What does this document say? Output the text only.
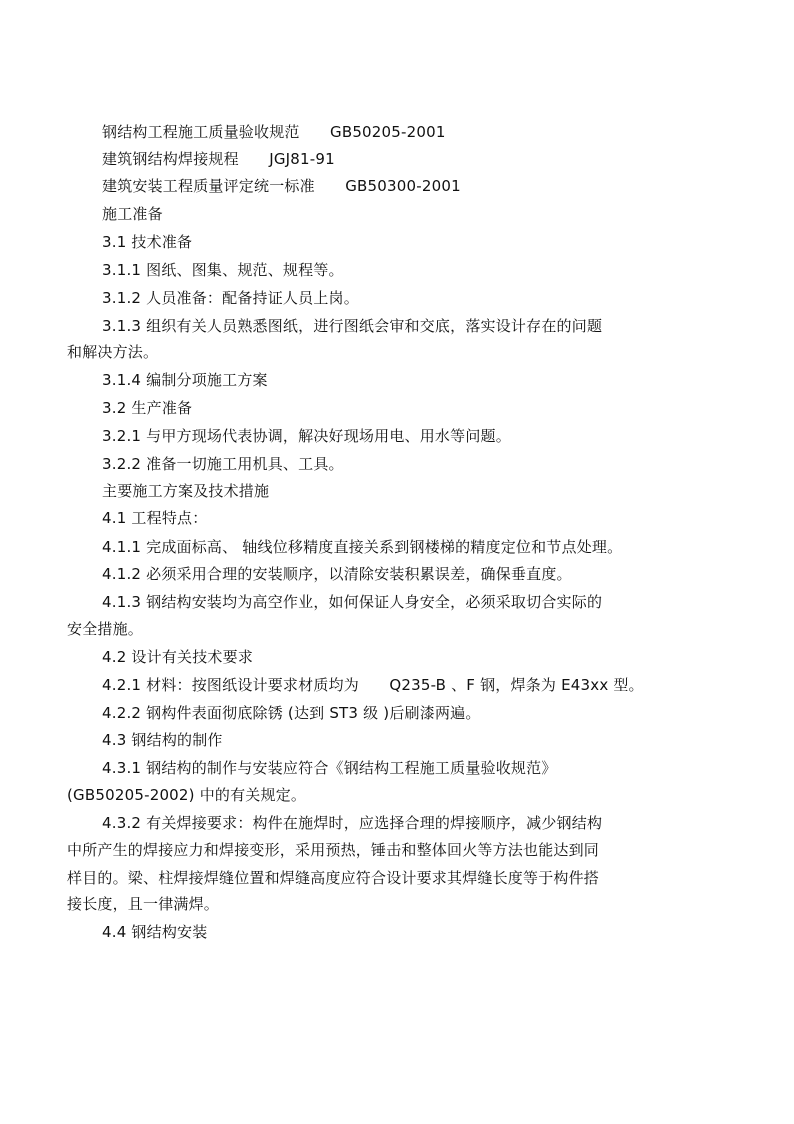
钢结构工程施工质量验收规范　　GB50205-2001

建筑钢结构焊接规程　　JGJ81-91

建筑安装工程质量评定统一标准　　GB50300-2001

施工准备

3.1 技术准备

3.1.1 图纸、图集、规范、规程等。

3.1.2 人员准备：配备持证人员上岗。

3.1.3 组织有关人员熟悉图纸，进行图纸会审和交底，落实设计存在的问题

和解决方法。

3.1.4 编制分项施工方案

3.2 生产准备

3.2.1 与甲方现场代表协调，解决好现场用电、用水等问题。

3.2.2 准备一切施工用机具、工具。

主要施工方案及技术措施

4.1 工程特点：

4.1.1 完成面标高、 轴线位移精度直接关系到钢楼梯的精度定位和节点处理。

4.1.2 必须采用合理的安装顺序，以清除安装积累误差，确保垂直度。

4.1.3 钢结构安装均为高空作业，如何保证人身安全，必须采取切合实际的

安全措施。

4.2 设计有关技术要求

4.2.1 材料：按图纸设计要求材质均为　　Q235-B 、F 钢，焊条为 E43xx 型。

4.2.2 钢构件表面彻底除锈 (达到 ST3 级 )后刷漆两遍。

4.3 钢结构的制作

4.3.1 钢结构的制作与安装应符合《钢结构工程施工质量验收规范》

(GB50205-2002) 中的有关规定。

4.3.2 有关焊接要求：构件在施焊时，应选择合理的焊接顺序，减少钢结构

中所产生的焊接应力和焊接变形，采用预热，锤击和整体回火等方法也能达到同

样目的。梁、柱焊接焊缝位置和焊缝高度应符合设计要求其焊缝长度等于构件搭

接长度，且一律满焊。

4.4 钢结构安装
